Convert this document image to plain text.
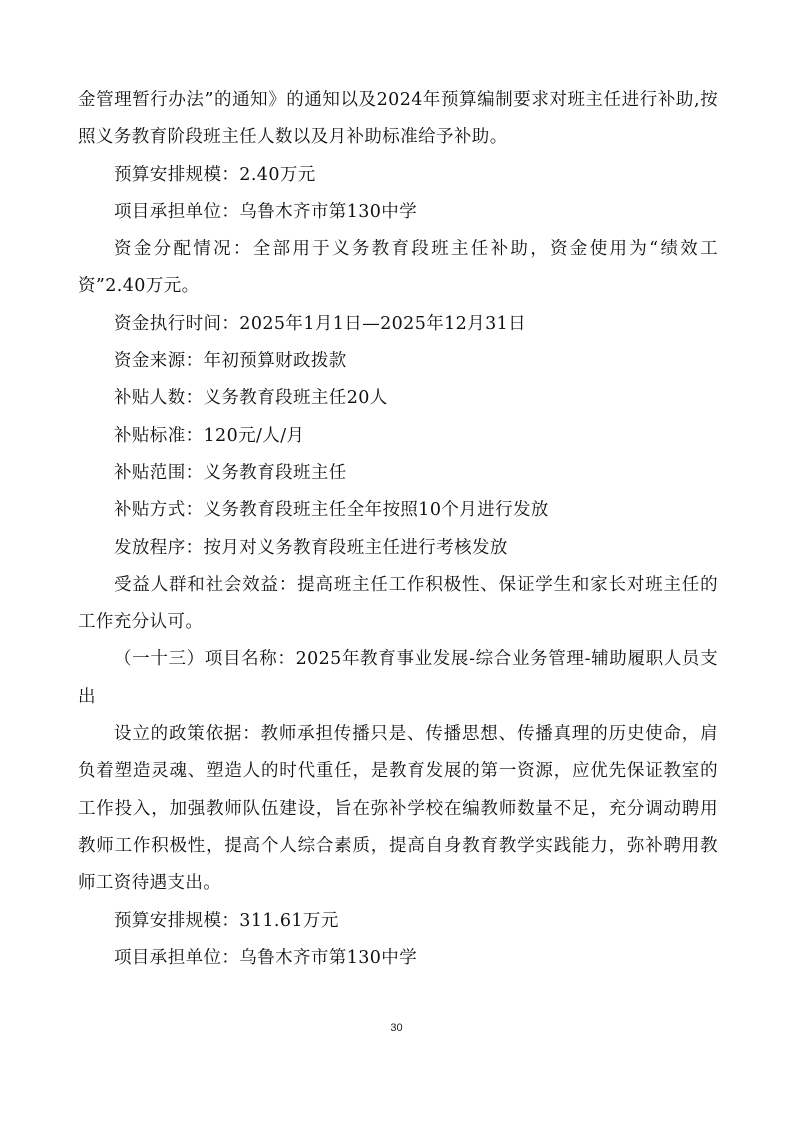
金管理暂行办法”的通知》的通知以及2024年预算编制要求对班主任进行补助,按照义务教育阶段班主任人数以及月补助标准给予补助。

预算安排规模：2.40万元

项目承担单位：乌鲁木齐市第130中学

资金分配情况：全部用于义务教育段班主任补助，资金使用为“绩效工资”2.40万元。

资金执行时间：2025年1月1日—2025年12月31日

资金来源：年初预算财政拨款

补贴人数：义务教育段班主任20人

补贴标准：120元/人/月

补贴范围：义务教育段班主任

补贴方式：义务教育段班主任全年按照10个月进行发放

发放程序：按月对义务教育段班主任进行考核发放

受益人群和社会效益：提高班主任工作积极性、保证学生和家长对班主任的工作充分认可。

（一十三）项目名称：2025年教育事业发展-综合业务管理-辅助履职人员支出

设立的政策依据：教师承担传播只是、传播思想、传播真理的历史使命，肩负着塑造灵魂、塑造人的时代重任，是教育发展的第一资源，应优先保证教室的工作投入，加强教师队伍建设，旨在弥补学校在编教师数量不足，充分调动聘用教师工作积极性，提高个人综合素质，提高自身教育教学实践能力，弥补聘用教师工资待遇支出。

预算安排规模：311.61万元

项目承担单位：乌鲁木齐市第130中学

30
